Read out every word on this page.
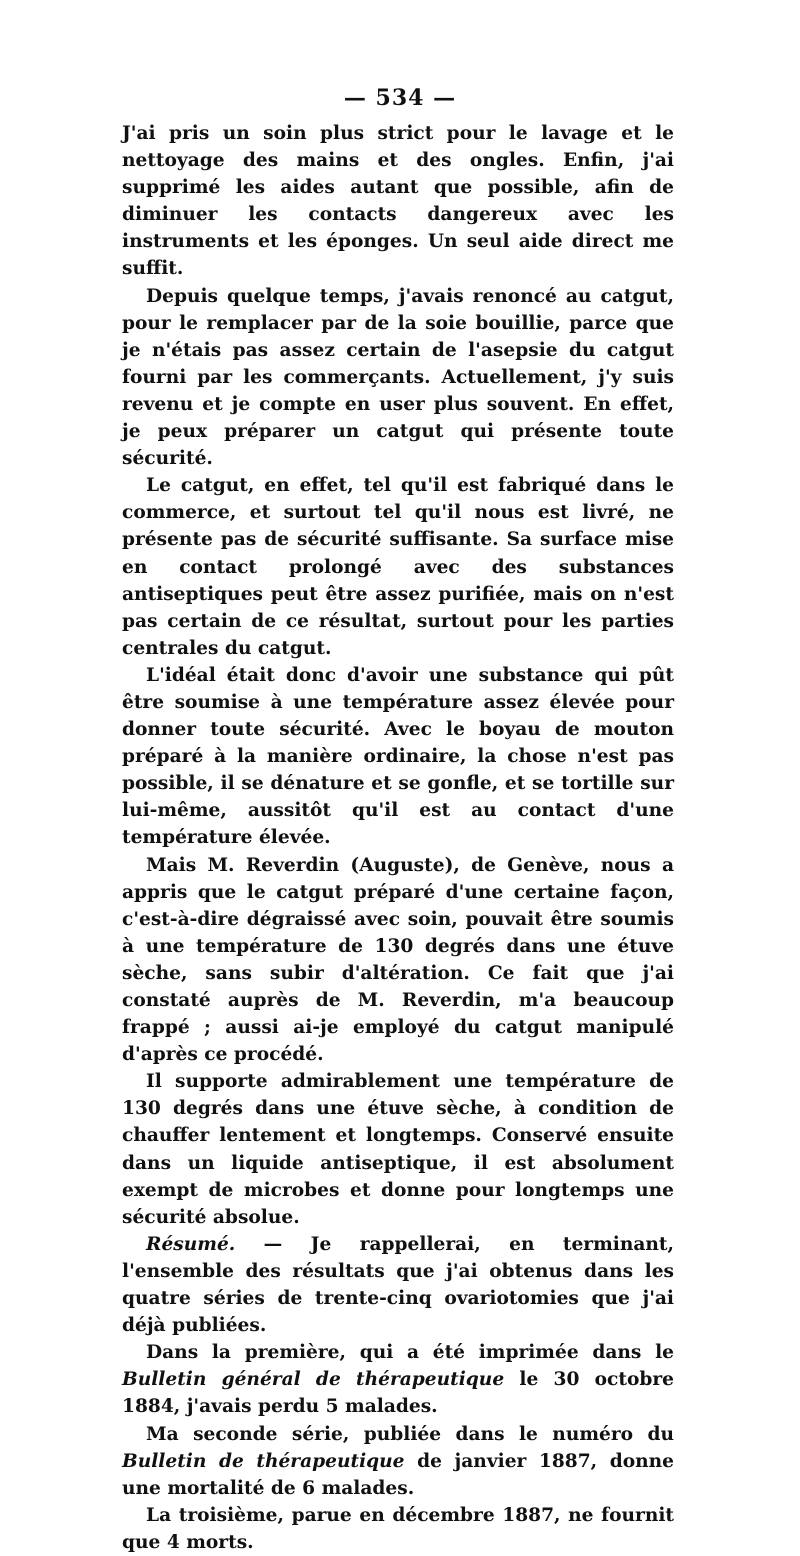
— 534 —

J'ai pris un soin plus strict pour le lavage et le nettoyage des mains et des ongles. Enfin, j'ai supprimé les aides autant que possible, afin de diminuer les contacts dangereux avec les instruments et les éponges. Un seul aide direct me suffit.

Depuis quelque temps, j'avais renoncé au catgut, pour le remplacer par de la soie bouillie, parce que je n'étais pas assez certain de l'asepsie du catgut fourni par les commerçants. Actuellement, j'y suis revenu et je compte en user plus souvent. En effet, je peux préparer un catgut qui présente toute sécurité.

Le catgut, en effet, tel qu'il est fabriqué dans le commerce, et surtout tel qu'il nous est livré, ne présente pas de sécurité suffisante. Sa surface mise en contact prolongé avec des substances antiseptiques peut être assez purifiée, mais on n'est pas certain de ce résultat, surtout pour les parties centrales du catgut.

L'idéal était donc d'avoir une substance qui pût être soumise à une température assez élevée pour donner toute sécurité. Avec le boyau de mouton préparé à la manière ordinaire, la chose n'est pas possible, il se dénature et se gonfle, et se tortille sur lui-même, aussitôt qu'il est au contact d'une température élevée.

Mais M. Reverdin (Auguste), de Genève, nous a appris que le catgut préparé d'une certaine façon, c'est-à-dire dégraissé avec soin, pouvait être soumis à une température de 130 degrés dans une étuve sèche, sans subir d'altération. Ce fait que j'ai constaté auprès de M. Reverdin, m'a beaucoup frappé ; aussi ai-je employé du catgut manipulé d'après ce procédé.

Il supporte admirablement une température de 130 degrés dans une étuve sèche, à condition de chauffer lentement et longtemps. Conservé ensuite dans un liquide antiseptique, il est absolument exempt de microbes et donne pour longtemps une sécurité absolue.

Résumé. — Je rappellerai, en terminant, l'ensemble des résultats que j'ai obtenus dans les quatre séries de trente-cinq ovariotomies que j'ai déjà publiées.

Dans la première, qui a été imprimée dans le Bulletin général de thérapeutique le 30 octobre 1884, j'avais perdu 5 malades.

Ma seconde série, publiée dans le numéro du Bulletin de thérapeutique de janvier 1887, donne une mortalité de 6 malades.

La troisième, parue en décembre 1887, ne fournit que 4 morts.
